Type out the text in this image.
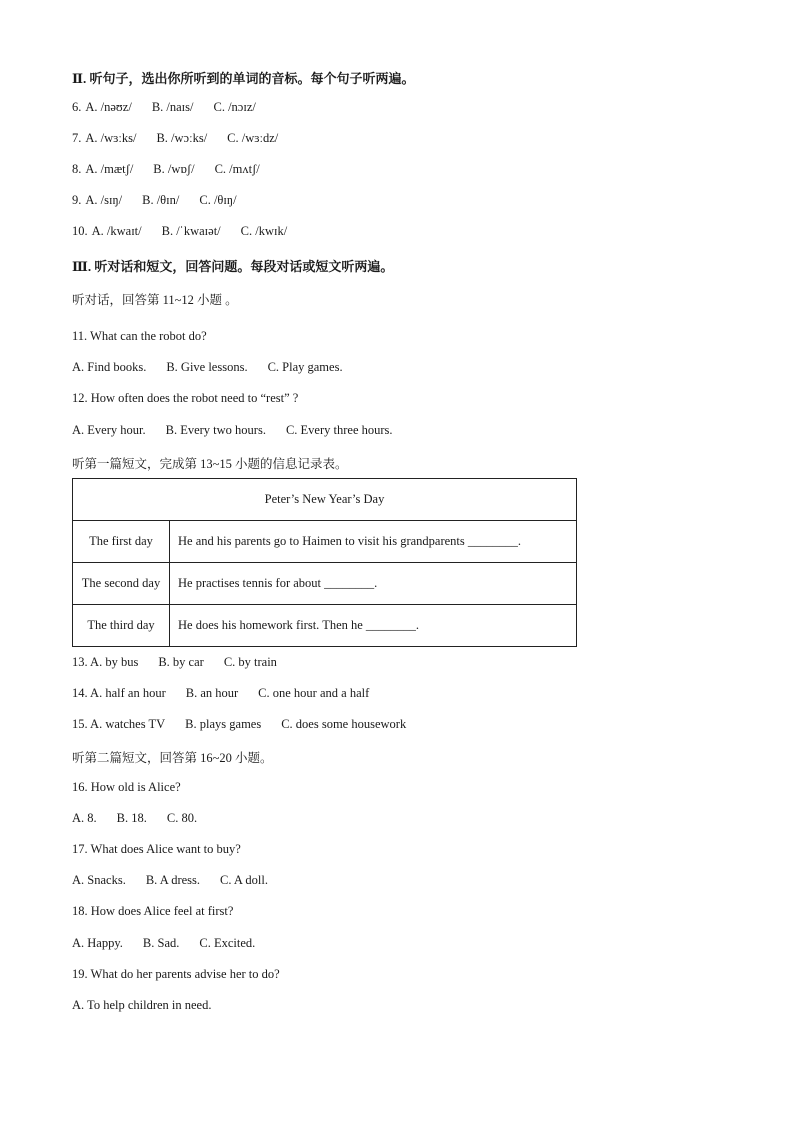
Ⅱ. 听句子，选出你所听到的单词的音标。每个句子听两遍。
6. A. /nəʊz/ B. /naɪs/ C. /nɔɪz/
7. A. /wɜːks/ B. /wɔːks/ C. /wɜːdz/
8. A. /mætʃ/ B. /wɒʃ/ C. /mʌtʃ/
9. A. /sɪŋ/ B. /θɪn/ C. /θɪŋ/
10. A. /kwaɪt/ B. /ˈkwaɪət/ C. /kwɪk/
Ⅲ. 听对话和短文，回答问题。每段对话或短文听两遍。
听对话，回答第 11~12 小题 。
11. What can the robot do?
A. Find books. B. Give lessons. C. Play games.
12. How often does the robot need to “rest” ?
A. Every hour. B. Every two hours. C. Every three hours.
听第一篇短文，完成第 13~15 小题的信息记录表。
Peter’s New Year’s Day	
The first day	He and his parents go to Haimen to visit his grandparents ________.
The second day	He practises tennis for about ________.
The third day	He does his homework first. Then he ________.
13. A. by bus B. by car C. by train
14. A. half an hour B. an hour C. one hour and a half
15. A. watches TV B. plays games C. does some housework
听第二篇短文，回答第 16~20 小题。
16. How old is Alice?
A. 8. B. 18. C. 80.
17. What does Alice want to buy?
A. Snacks. B. A dress. C. A doll.
18. How does Alice feel at first?
A. Happy. B. Sad. C. Excited.
19. What do her parents advise her to do?
A. To help children in need.
